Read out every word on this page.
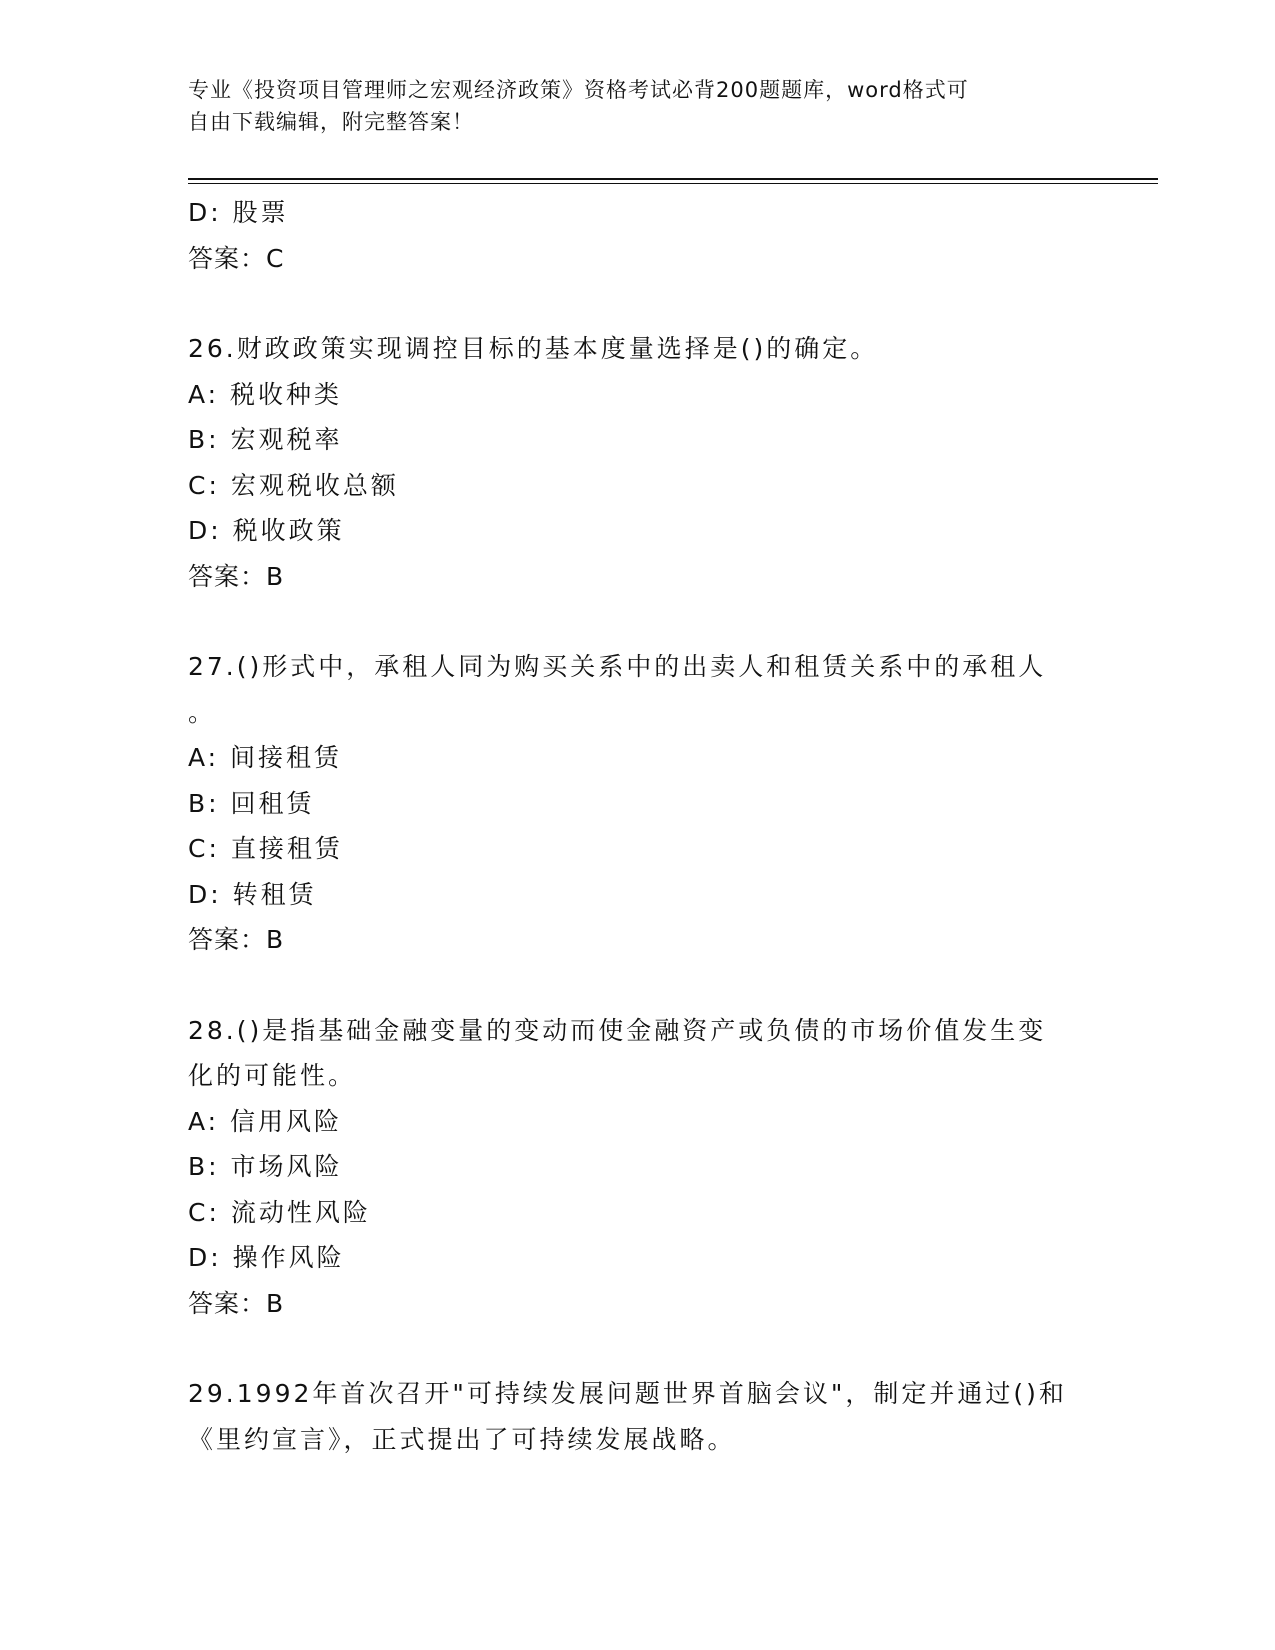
专业《投资项目管理师之宏观经济政策》资格考试必背200题题库，word格式可
自由下载编辑，附完整答案！
D: 股票
答案：C
26.财政政策实现调控目标的基本度量选择是()的确定。
A: 税收种类
B: 宏观税率
C: 宏观税收总额
D: 税收政策
答案：B
27.()形式中，承租人同为购买关系中的出卖人和租赁关系中的承租人
。
A: 间接租赁
B: 回租赁
C: 直接租赁
D: 转租赁
答案：B
28.()是指基础金融变量的变动而使金融资产或负债的市场价值发生变
化的可能性。
A: 信用风险
B: 市场风险
C: 流动性风险
D: 操作风险
答案：B
29.1992年首次召开"可持续发展问题世界首脑会议"，制定并通过()和
《里约宣言》，正式提出了可持续发展战略。
